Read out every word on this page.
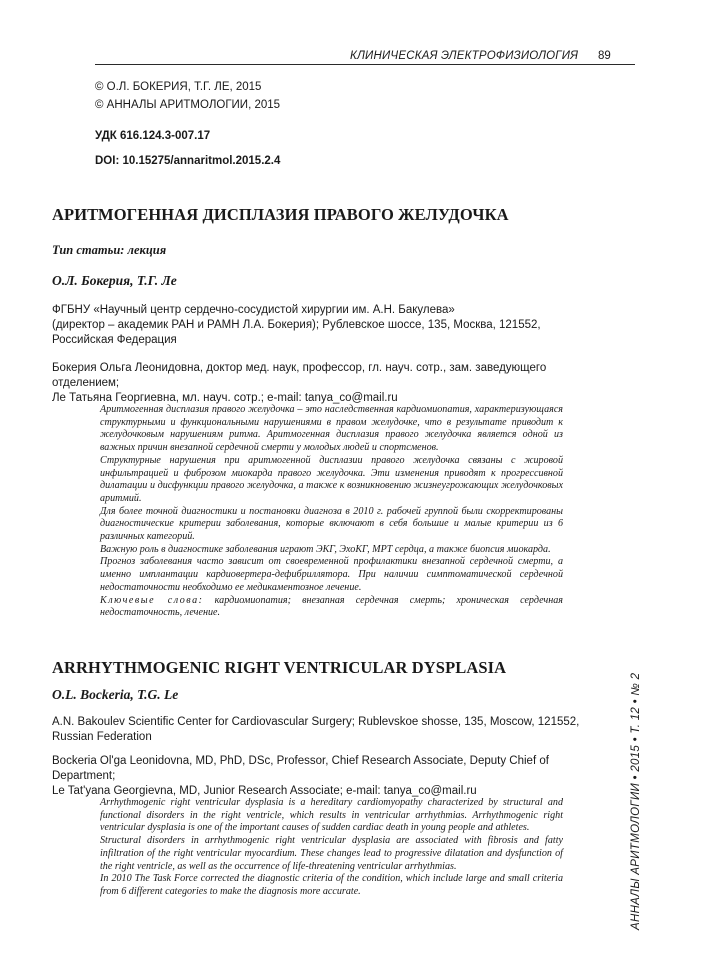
КЛИНИЧЕСКАЯ ЭЛЕКТРОФИЗИОЛОГИЯ 89
© О.Л. БОКЕРИЯ, Т.Г. ЛЕ, 2015
© АННАЛЫ АРИТМОЛОГИИ, 2015
УДК 616.124.3-007.17
DOI: 10.15275/annaritmol.2015.2.4
АРИТМОГЕННАЯ ДИСПЛАЗИЯ ПРАВОГО ЖЕЛУДОЧКА
Тип статьи: лекция
О.Л. Бокерия, Т.Г. Ле

ФГБНУ «Научный центр сердечно-сосудистой хирургии им. А.Н. Бакулева»

(директор – академик РАН и РАМН Л.А. Бокерия); Рублевское шоссе, 135, Москва, 121552,

Российская Федерация

Бокерия Ольга Леонидовна, доктор мед. наук, профессор, гл. науч. сотр., зам. заведующего отделением;

Ле Татьяна Георгиевна, мл. науч. сотр.; e-mail: tanya_co@mail.ru

Аритмогенная дисплазия правого желудочка – это наследственная кардиомиопатия, характеризующаяся структурными и функциональными нарушениями в правом желудочке, что в результате приводит к желудочковым нарушениям ритма. Аритмогенная дисплазия правого желудочка является одной из важных причин внезапной сердечной смерти у молодых людей и спортсменов.

Структурные нарушения при аритмогенной дисплазии правого желудочка связаны с жировой инфильтрацией и фиброзом миокарда правого желудочка. Эти изменения приводят к прогрессивной дилатации и дисфункции правого желудочка, а также к возникновению жизнеугрожающих желудочковых аритмий.

Для более точной диагностики и постановки диагноза в 2010 г. рабочей группой были скорректированы диагностические критерии заболевания, которые включают в себя большие и малые критерии из 6 различных категорий.

Важную роль в диагностике заболевания играют ЭКГ, ЭхоКГ, МРТ сердца, а также биопсия миокарда.

Прогноз заболевания часто зависит от своевременной профилактики внезапной сердечной смерти, а именно имплантации кардиовертера-дефибриллятора. При наличии симптоматической сердечной недостаточности необходимо ее медикаментозное лечение.

Ключевые слова: кардиомиопатия; внезапная сердечная смерть; хроническая сердечная недостаточность, лечение.

ARRHYTHMOGENIC RIGHT VENTRICULAR DYSPLASIA
O.L. Bockeria, T.G. Le

A.N. Bakoulev Scientific Center for Cardiovascular Surgery; Rublevskoe shosse, 135, Moscow, 121552,

Russian Federation

Bockeria Ol'ga Leonidovna, MD, PhD, DSc, Professor, Chief Research Associate, Deputy Chief of Department;

Le Tat'yana Georgievna, MD, Junior Research Associate; e-mail: tanya_co@mail.ru

Arrhythmogenic right ventricular dysplasia is a hereditary cardiomyopathy characterized by structural and functional disorders in the right ventricle, which results in ventricular arrhythmias. Arrhythmogenic right ventricular dysplasia is one of the important causes of sudden cardiac death in young people and athletes.

Structural disorders in arrhythmogenic right ventricular dysplasia are associated with fibrosis and fatty infiltration of the right ventricular myocardium. These changes lead to progressive dilatation and dysfunction of the right ventricle, as well as the occurrence of life-threatening ventricular arrhythmias.

In 2010 The Task Force corrected the diagnostic criteria of the condition, which include large and small criteria from 6 different categories to make the diagnosis more accurate.	АННАЛЫ АРИТМОЛОГИИ • 2015 • Т. 12 • № 2
